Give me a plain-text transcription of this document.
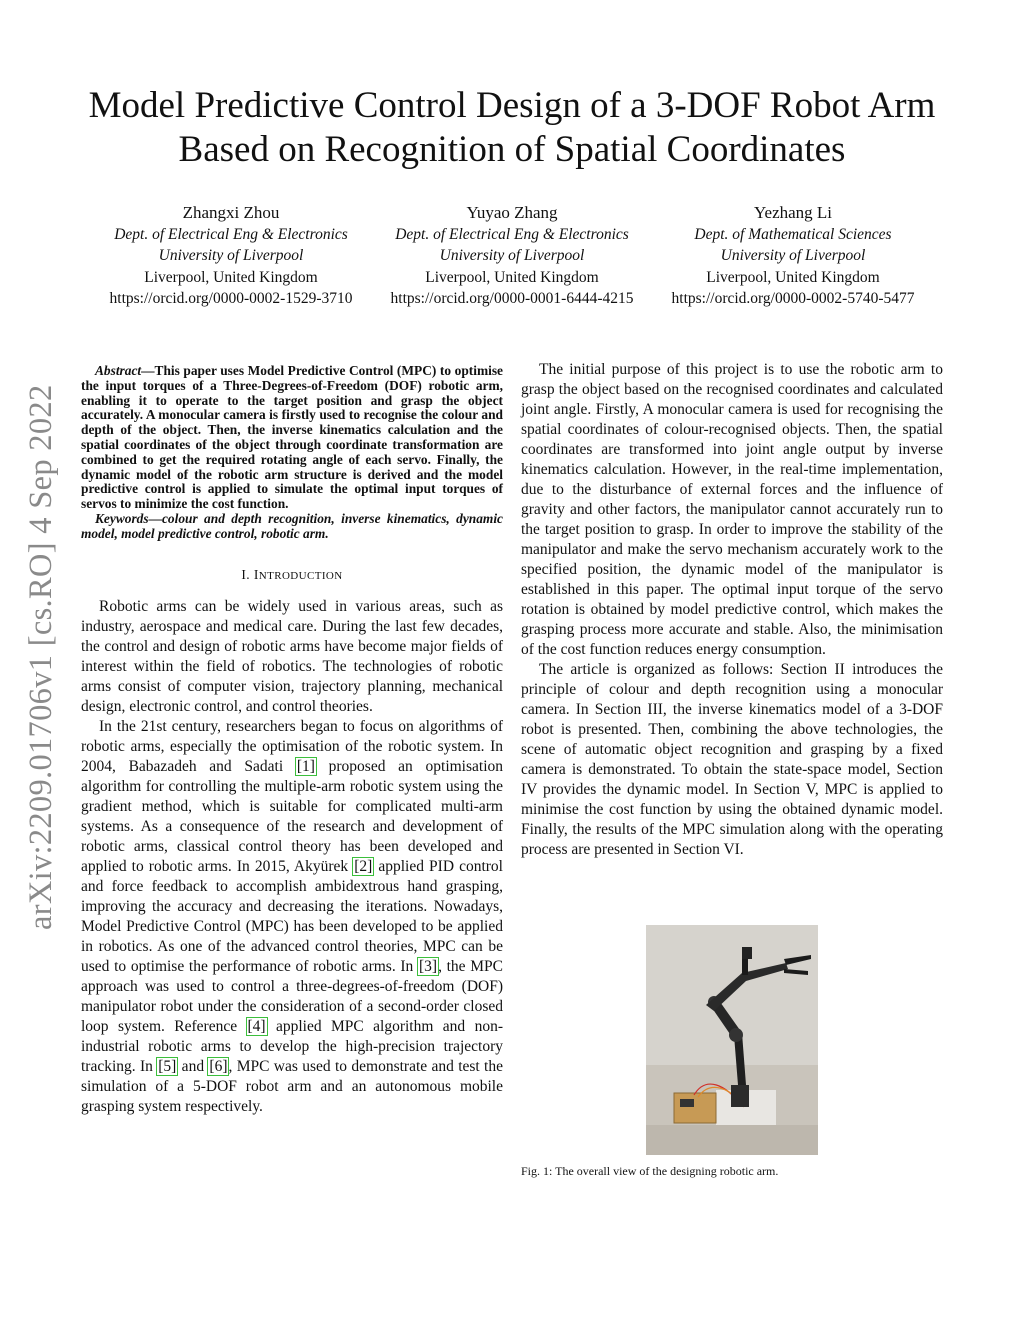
Model Predictive Control Design of a 3-DOF Robot Arm Based on Recognition of Spatial Coordinates
Zhangxi Zhou
Dept. of Electrical Eng & Electronics
University of Liverpool
Liverpool, United Kingdom
https://orcid.org/0000-0002-1529-3710
Yuyao Zhang
Dept. of Electrical Eng & Electronics
University of Liverpool
Liverpool, United Kingdom
https://orcid.org/0000-0001-6444-4215
Yezhang Li
Dept. of Mathematical Sciences
University of Liverpool
Liverpool, United Kingdom
https://orcid.org/0000-0002-5740-5477
arXiv:2209.01706v1 [cs.RO] 4 Sep 2022

Abstract—This paper uses Model Predictive Control (MPC) to optimise the input torques of a Three-Degrees-of-Freedom (DOF) robotic arm, enabling it to operate to the target position and grasp the object accurately. A monocular camera is firstly used to recognise the colour and depth of the object. Then, the inverse kinematics calculation and the spatial coordinates of the object through coordinate transformation are combined to get the required rotating angle of each servo. Finally, the dynamic model of the robotic arm structure is derived and the model predictive control is applied to simulate the optimal input torques of servos to minimize the cost function.

Keywords—colour and depth recognition, inverse kinematics, dynamic model, model predictive control, robotic arm.

I. INTRODUCTION

Robotic arms can be widely used in various areas, such as industry, aerospace and medical care. During the last few decades, the control and design of robotic arms have become major fields of interest within the field of robotics. The technologies of robotic arms consist of computer vision, trajectory planning, mechanical design, electronic control, and control theories.

In the 21st century, researchers began to focus on algorithms of robotic arms, especially the optimisation of the robotic system. In 2004, Babazadeh and Sadati [1] proposed an optimisation algorithm for controlling the multiple-arm robotic system using the gradient method, which is suitable for complicated multi-arm systems. As a consequence of the research and development of robotic arms, classical control theory has been developed and applied to robotic arms. In 2015, Akyürek [2] applied PID control and force feedback to accomplish ambidextrous hand grasping, improving the accuracy and decreasing the iterations. Nowadays, Model Predictive Control (MPC) has been developed to be applied in robotics. As one of the advanced control theories, MPC can be used to optimise the performance of robotic arms. In [3], the MPC approach was used to control a three-degrees-of-freedom (DOF) manipulator robot under the consideration of a second-order closed loop system. Reference [4] applied MPC algorithm and non-industrial robotic arms to develop the high-precision trajectory tracking. In [5] and [6], MPC was used to demonstrate and test the simulation of a 5-DOF robot arm and an autonomous mobile grasping system respectively.

The initial purpose of this project is to use the robotic arm to grasp the object based on the recognised coordinates and calculated joint angle. Firstly, A monocular camera is used for recognising the spatial coordinates of colour-recognised objects. Then, the spatial coordinates are transformed into joint angle output by inverse kinematics calculation. However, in the real-time implementation, due to the disturbance of external forces and the influence of gravity and other factors, the manipulator cannot accurately run to the target position to grasp. In order to improve the stability of the manipulator and make the servo mechanism accurately work to the specified position, the dynamic model of the manipulator is established in this paper. The optimal input torque of the servo rotation is obtained by model predictive control, which makes the grasping process more accurate and stable. Also, the minimisation of the cost function reduces energy consumption.

The article is organized as follows: Section II introduces the principle of colour and depth recognition using a monocular camera. In Section III, the inverse kinematics model of a 3-DOF robot is presented. Then, combining the above technologies, the scene of automatic object recognition and grasping by a fixed camera is demonstrated. To obtain the state-space model, Section IV provides the dynamic model. In Section V, MPC is applied to minimise the cost function by using the obtained dynamic model. Finally, the results of the MPC simulation along with the operating process are presented in Section VI.

Fig. 1: The overall view of the designing robotic arm.
